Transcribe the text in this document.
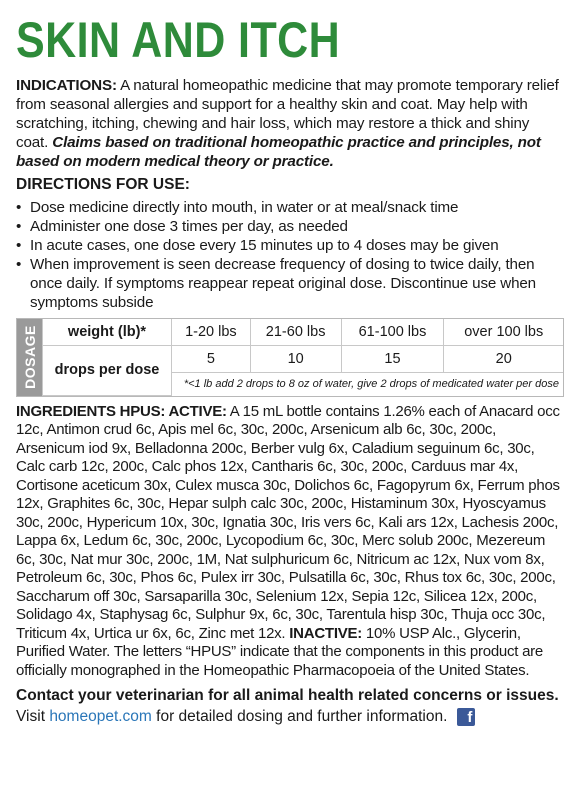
SKIN AND ITCH

INDICATIONS: A natural homeopathic medicine that may promote temporary relief from seasonal allergies and support for a healthy skin and coat. May help with scratching, itching, chewing and hair loss, which may restore a thick and shiny coat. Claims based on traditional homeopathic practice and principles, not based on modern medical theory or practice.

DIRECTIONS FOR USE:
• Dose medicine directly into mouth, in water or at meal/snack time
• Administer one dose 3 times per day, as needed
• In acute cases, one dose every 15 minutes up to 4 doses may be given
• When improvement is seen decrease frequency of dosing to twice daily, then once daily. If symptoms reappear repeat original dose. Discontinue use when symptoms subside
DOSAGE weight (lb)*	1-20 lbs	21-60 lbs	61-100 lbs	over 100 lbs
drops per dose	5	10	15	20
	*<1 lb add 2 drops to 8 oz of water, give 2 drops of medicated water per dose			

INGREDIENTS HPUS: ACTIVE: A 15 mL bottle contains 1.26% each of Anacard occ 12c, Antimon crud 6c, Apis mel 6c, 30c, 200c, Arsenicum alb 6c, 30c, 200c, Arsenicum iod 9x, Belladonna 200c, Berber vulg 6x, Caladium seguinum 6c, 30c, Calc carb 12c, 200c, Calc phos 12x, Cantharis 6c, 30c, 200c, Carduus mar 4x, Cortisone aceticum 30x, Culex musca 30c, Dolichos 6c, Fagopyrum 6x, Ferrum phos 12x, Graphites 6c, 30c, Hepar sulph calc 30c, 200c, Histaminum 30x, Hyoscyamus 30c, 200c, Hypericum 10x, 30c, Ignatia 30c, Iris vers 6c, Kali ars 12x, Lachesis 200c, Lappa 6x, Ledum 6c, 30c, 200c, Lycopodium 6c, 30c, Merc solub 200c, Mezereum 6c, 30c, Nat mur 30c, 200c, 1M, Nat sulphuricum 6c, Nitricum ac 12x, Nux vom 8x, Petroleum 6c, 30c, Phos 6c, Pulex irr 30c, Pulsatilla 6c, 30c, Rhus tox 6c, 30c, 200c, Saccharum off 30c, Sarsaparilla 30c, Selenium 12x, Sepia 12c, Silicea 12x, 200c, Solidago 4x, Staphysag 6c, Sulphur 9x, 6c, 30c, Tarentula hisp 30c, Thuja occ 30c, Triticum 4x, Urtica ur 6x, 6c, Zinc met 12x. INACTIVE: 10% USP Alc., Glycerin, Purified Water. The letters “HPUS” indicate that the components in this product are officially monographed in the Homeopathic Pharmacopoeia of the United States.

Contact your veterinarian for all animal health related concerns or issues.
Visit homeopet.com for detailed dosing and further information.	f
